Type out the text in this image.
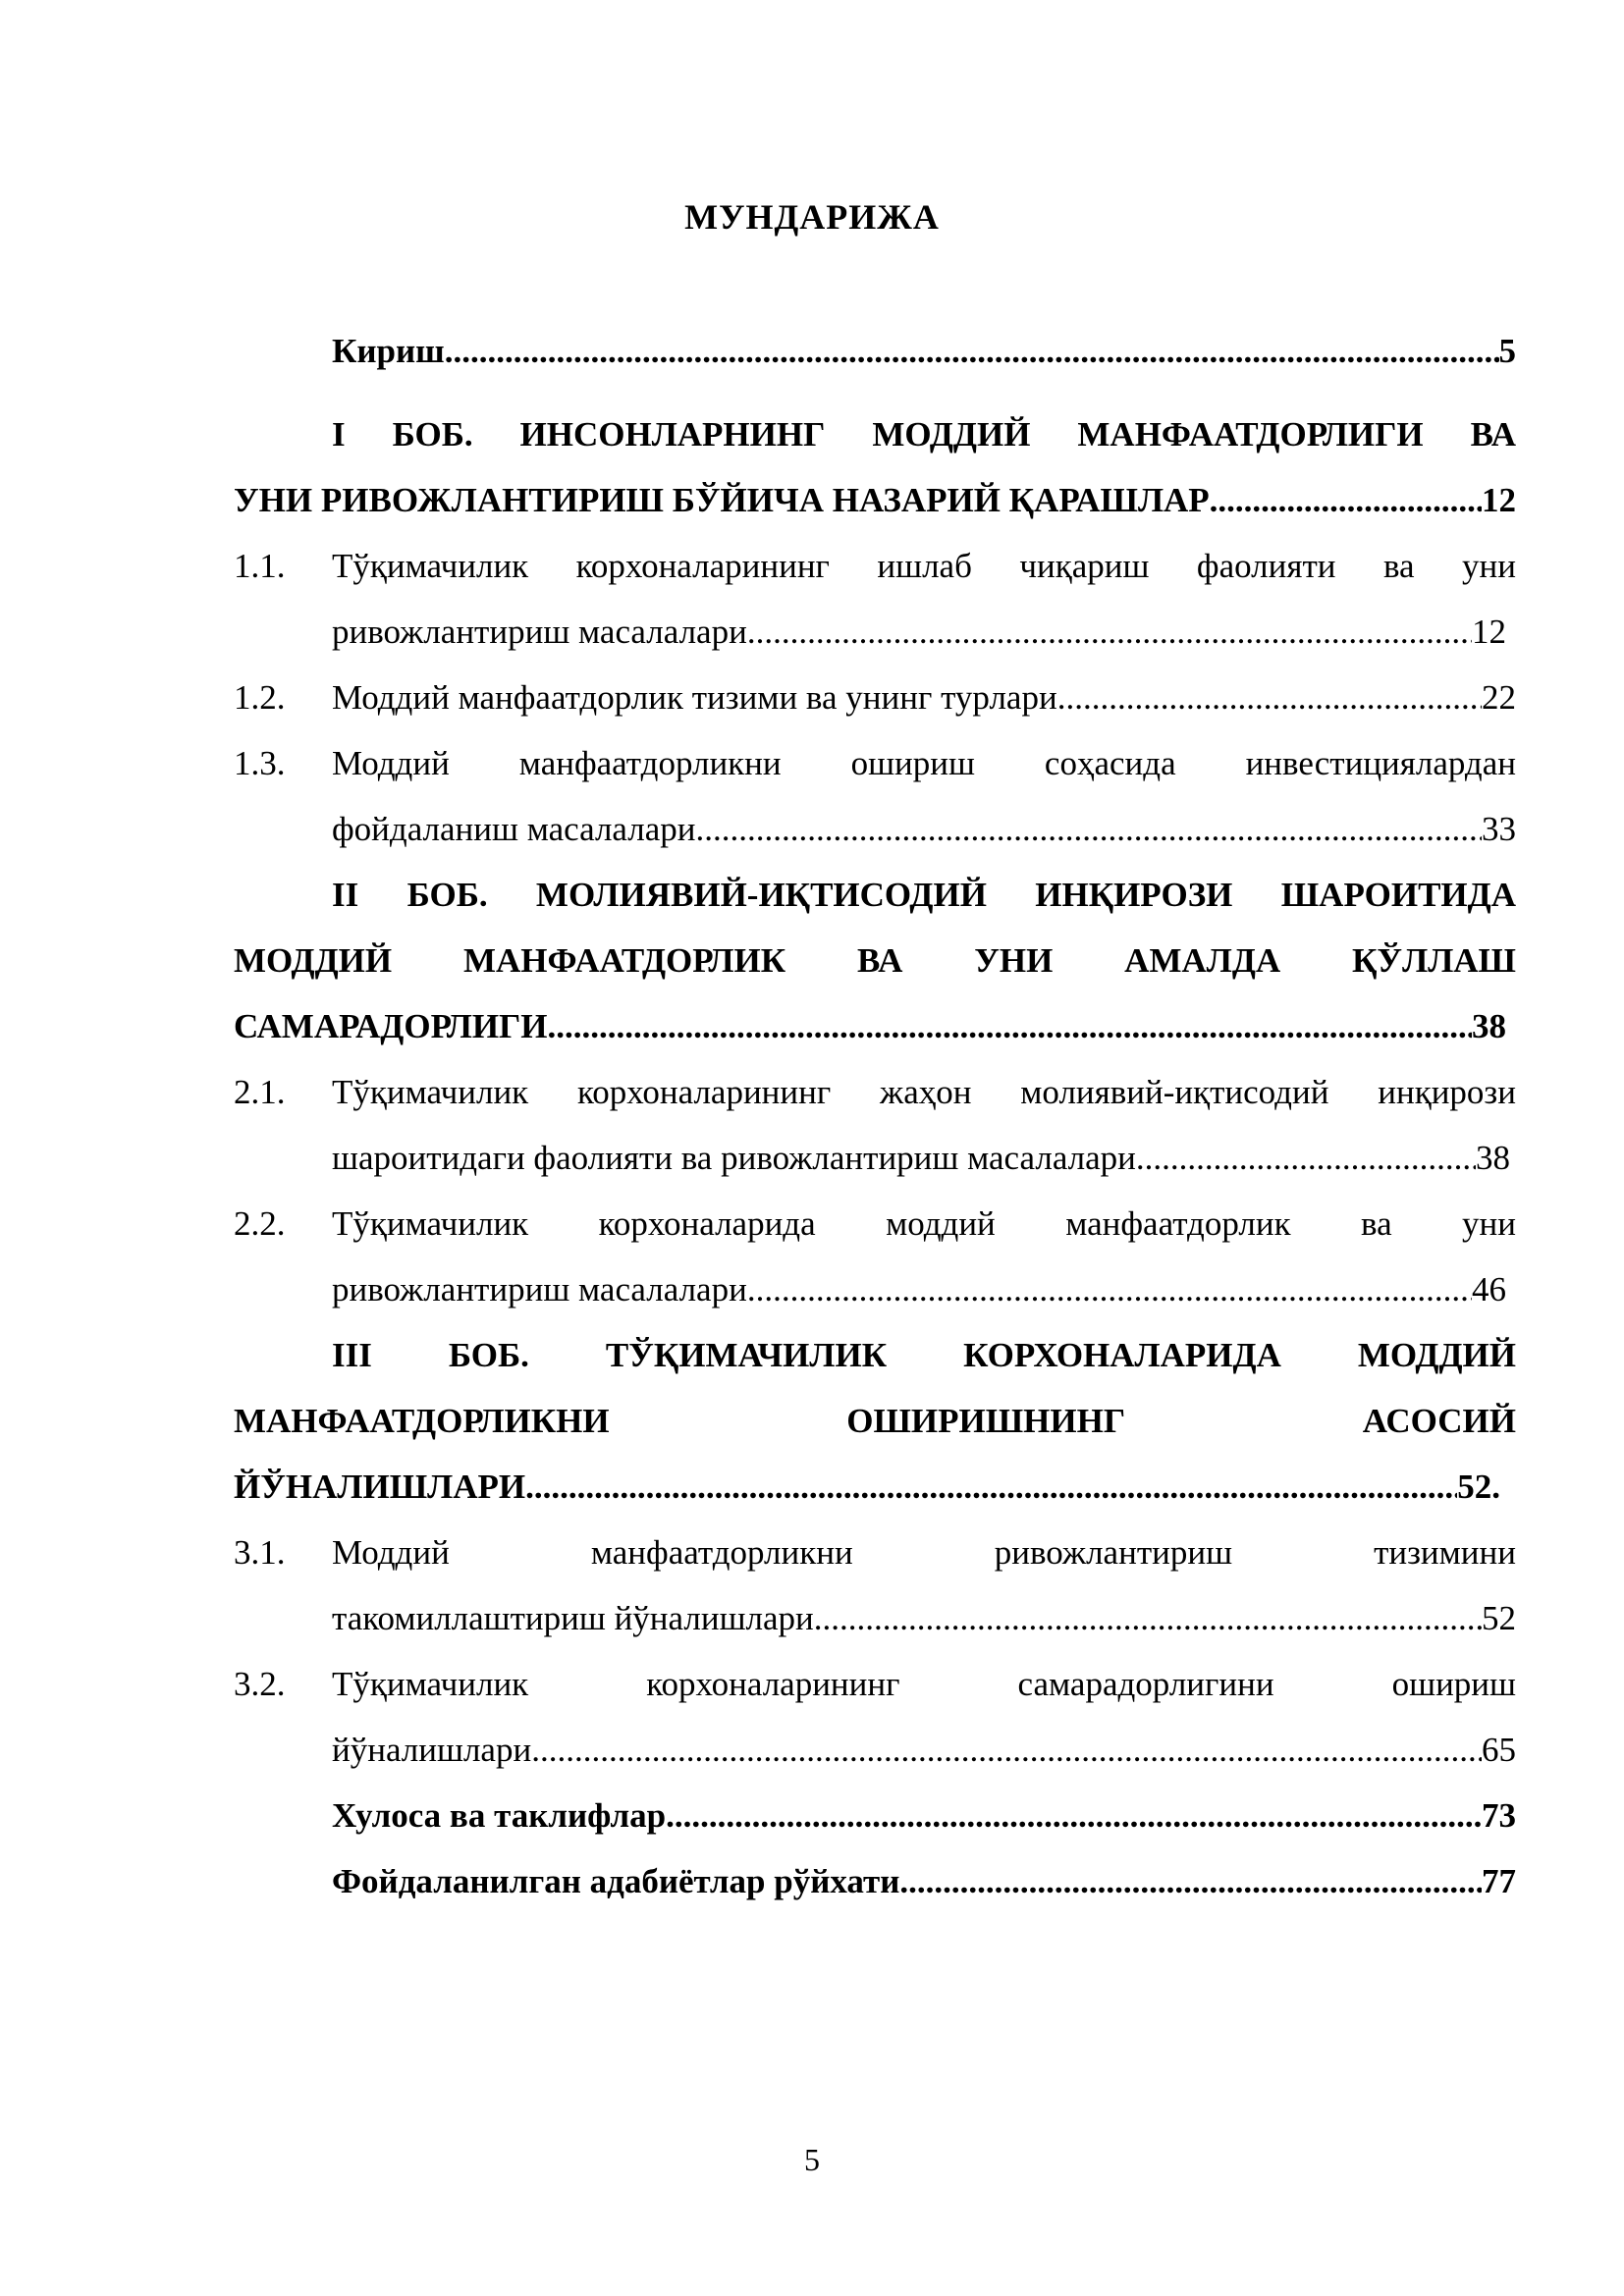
МУНДАРИЖА
Кириш .....	5
I БОБ. ИНСОНЛАРНИНГ МОДДИЙ МАНФААТДОРЛИГИ ВА
УНИ РИВОЖЛАНТИРИШ БЎЙИЧА НАЗАРИЙ ҚАРАШЛАР .....	12
1.1. Тўқимачилик корхоналарининг ишлаб чиқариш фаолияти ва уни
ривожлантириш масалалари .....	12
1.2. Моддий манфаатдорлик тизими ва унинг турлари .....	22
1.3. Моддий манфаатдорликни ошириш соҳасида инвестициялардан
фойдаланиш масалалари .....	33
II БОБ. МОЛИЯВИЙ-ИҚТИСОДИЙ ИНҚИРОЗИ ШАРОИТИДА
МОДДИЙ МАНФААТДОРЛИК ВА УНИ АМАЛДА ҚЎЛЛАШ
САМАРАДОРЛИГИ .....	38
2.1. Тўқимачилик корхоналарининг жаҳон молиявий-иқтисодий инқирози
шароитидаги фаолияти ва ривожлантириш масалалари .....	38
2.2. Тўқимачилик корхоналарида моддий манфаатдорлик ва уни
ривожлантириш масалалари .....	46
III БОБ. ТЎҚИМАЧИЛИК КОРХОНАЛАРИДА МОДДИЙ
МАНФААТДОРЛИКНИ ОШИРИШНИНГ АСОСИЙ
ЙЎНАЛИШЛАРИ .....	52.
3.1. Моддий манфаатдорликни ривожлантириш тизимини
такомиллаштириш йўналишлари .....	52
3.2. Тўқимачилик корхоналарининг самарадорлигини ошириш
йўналишлари .....	65
Хулоса ва таклифлар .....	73
Фойдаланилган адабиётлар рўйхати .....	77
5
